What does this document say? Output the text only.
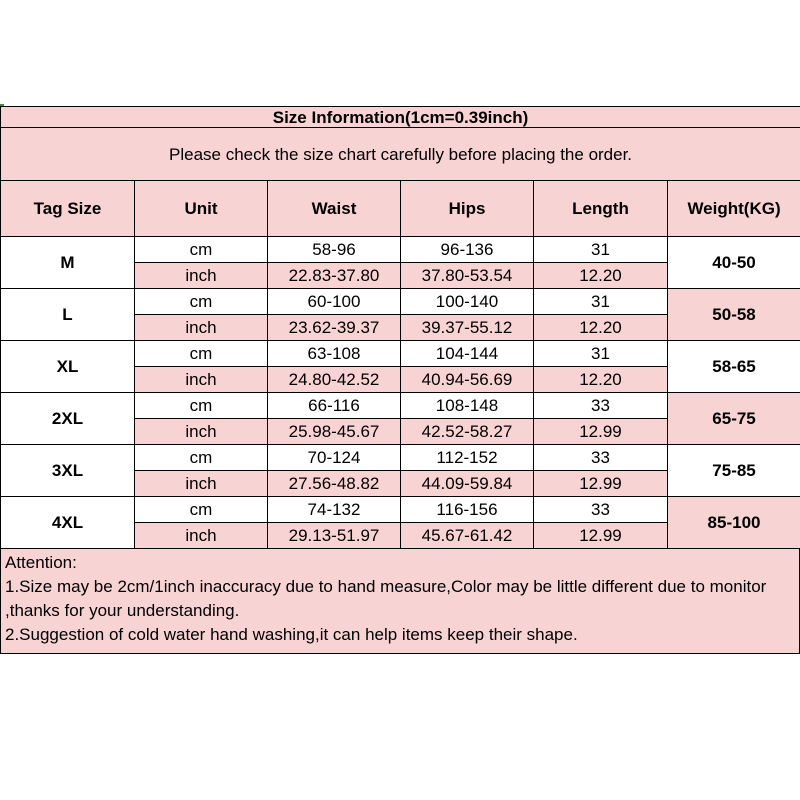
Size Information(1cm=0.39inch)					
Please check the size chart carefully before placing the order.					
Tag Size	Unit	Waist	Hips	Length	Weight(KG)
M	cm	58-96	96-136	31	40-50
	inch	22.83-37.80	37.80-53.54	12.20	
L	cm	60-100	100-140	31	50-58
	inch	23.62-39.37	39.37-55.12	12.20	
XL	cm	63-108	104-144	31	58-65
	inch	24.80-42.52	40.94-56.69	12.20	
2XL	cm	66-116	108-148	33	65-75
	inch	25.98-45.67	42.52-58.27	12.99	
3XL	cm	70-124	112-152	33	75-85
	inch	27.56-48.82	44.09-59.84	12.99	
4XL	cm	74-132	116-156	33	85-100
	inch	29.13-51.97	45.67-61.42	12.99	
Attention:
1.Size may be 2cm/1inch inaccuracy due to hand measure,Color may be little different due to monitor ,thanks for your understanding.
2.Suggestion of cold water hand washing,it can help items keep their shape.
